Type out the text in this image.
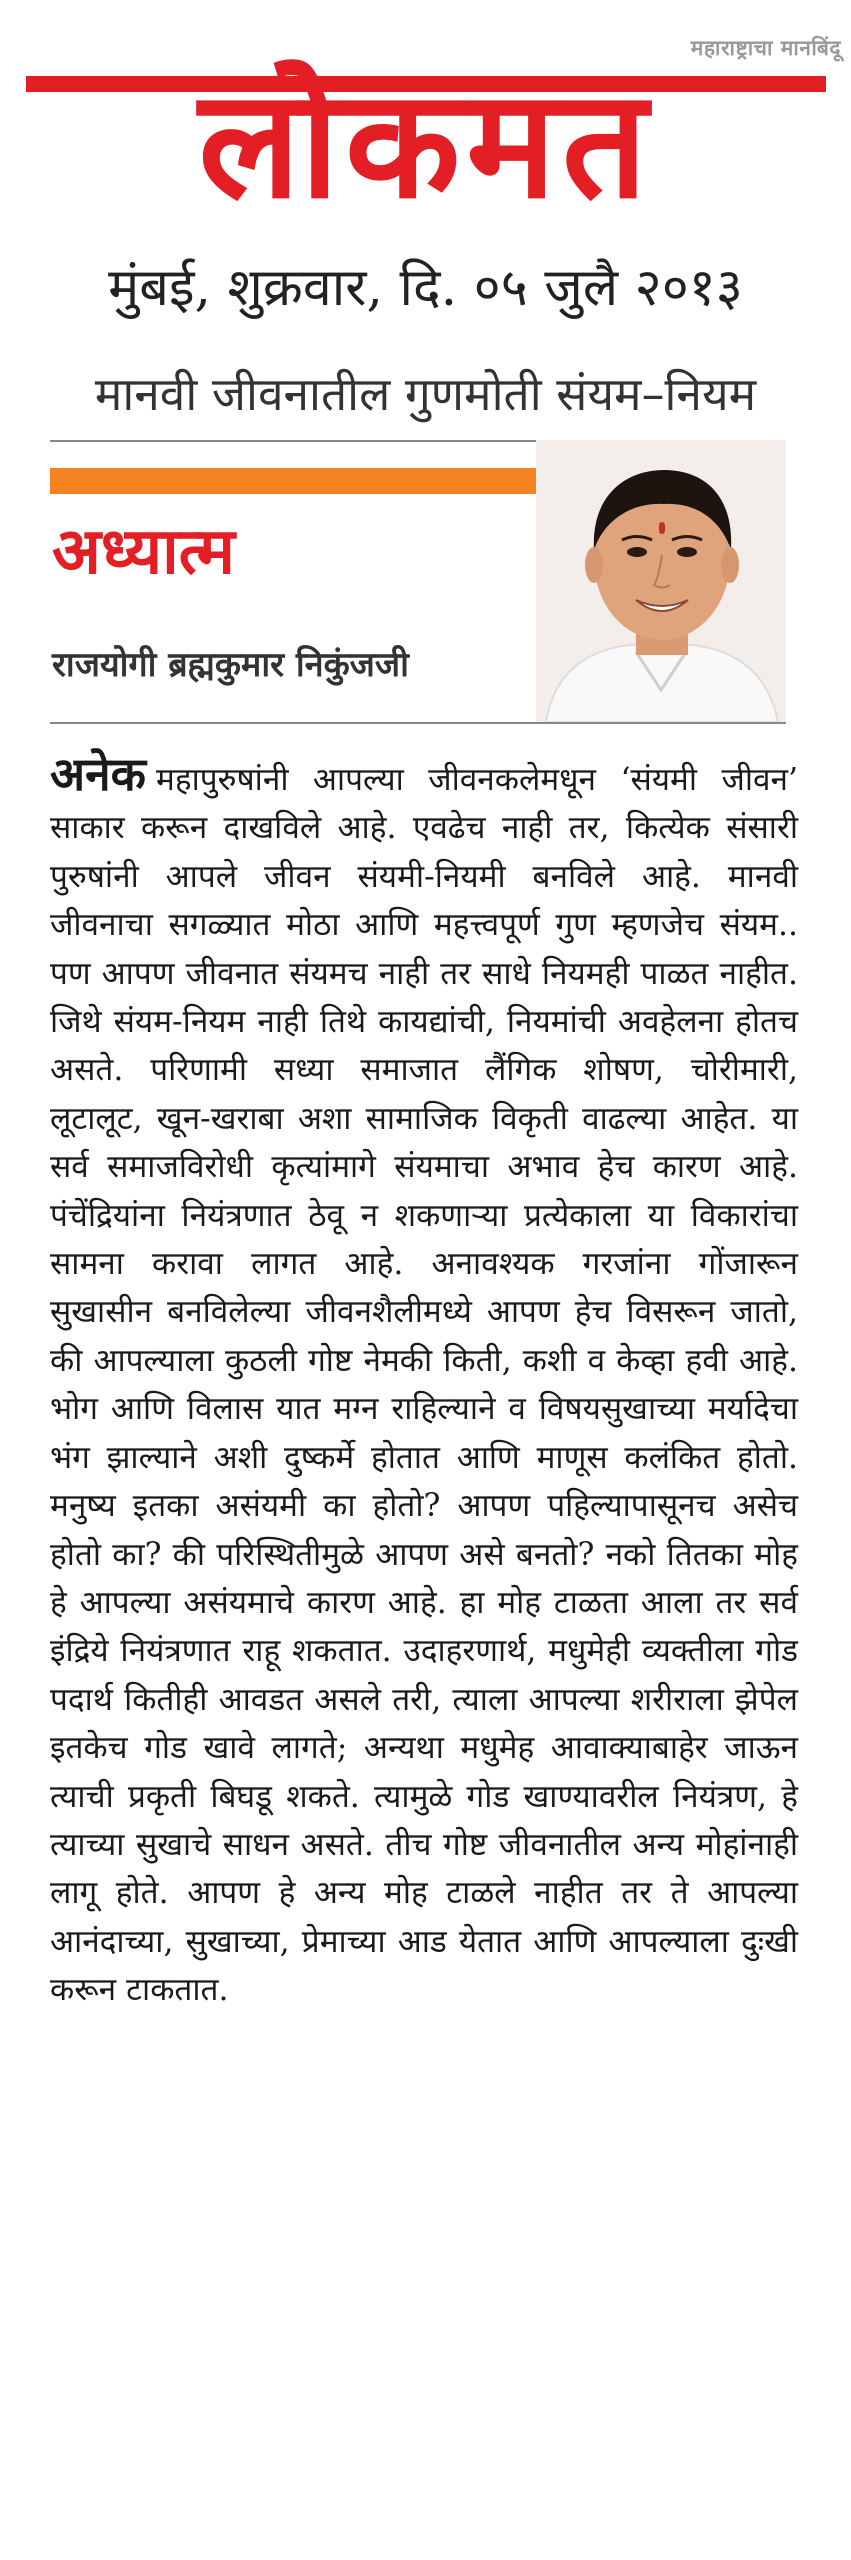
महाराष्ट्राचा मानबिंदू
लोकमत
मुंबई, शुक्रवार, दि. ०५ जुलै २०१३
मानवी जीवनातील गुणमोती संयम–नियम
अध्यात्म
राजयोगी ब्रह्मकुमार निकुंजजी
अनेक महापुरुषांनी आपल्या जीवनकलेमधून ‘संयमी जीवन’ साकार करून दाखविले आहे. एवढेच नाही तर, कित्येक संसारी पुरुषांनी आपले जीवन संयमी-नियमी बनविले आहे. मानवी जीवनाचा सगळ्यात मोठा आणि महत्त्वपूर्ण गुण म्हणजेच संयम.. पण आपण जीवनात संयमच नाही तर साधे नियमही पाळत नाहीत. जिथे संयम-नियम नाही तिथे कायद्यांची, नियमांची अवहेलना होतच असते. परिणामी सध्या समाजात लैंगिक शोषण, चोरीमारी, लूटालूट, खून-खराबा अशा सामाजिक विकृती वाढल्या आहेत. या सर्व समाजविरोधी कृत्यांमागे संयमाचा अभाव हेच कारण आहे. पंचेंद्रियांना नियंत्रणात ठेवू न शकणाऱ्या प्रत्येकाला या विकारांचा सामना करावा लागत आहे. अनावश्यक गरजांना गोंजारून सुखासीन बनविलेल्या जीवनशैलीमध्ये आपण हेच विसरून जातो, की आपल्याला कुठली गोष्ट नेमकी किती, कशी व केव्हा हवी आहे. भोग आणि विलास यात मग्न राहिल्याने व विषयसुखाच्या मर्यादेचा भंग झाल्याने अशी दुष्कर्मे होतात आणि माणूस कलंकित होतो. मनुष्य इतका असंयमी का होतो? आपण पहिल्यापासूनच असेच होतो का? की परिस्थितीमुळे आपण असे बनतो? नको तितका मोह हे आपल्या असंयमाचे कारण आहे. हा मोह टाळता आला तर सर्व इंद्रिये नियंत्रणात राहू शकतात. उदाहरणार्थ, मधुमेही व्यक्तीला गोड पदार्थ कितीही आवडत असले तरी, त्याला आपल्या शरीराला झेपेल इतकेच गोड खावे लागते; अन्यथा मधुमेह आवाक्याबाहेर जाऊन त्याची प्रकृती बिघडू शकते. त्यामुळे गोड खाण्यावरील नियंत्रण, हे त्याच्या सुखाचे साधन असते. तीच गोष्ट जीवनातील अन्य मोहांनाही लागू होते. आपण हे अन्य मोह टाळले नाहीत तर ते आपल्या आनंदाच्या, सुखाच्या, प्रेमाच्या आड येतात आणि आपल्याला दुःखी करून टाकतात.
